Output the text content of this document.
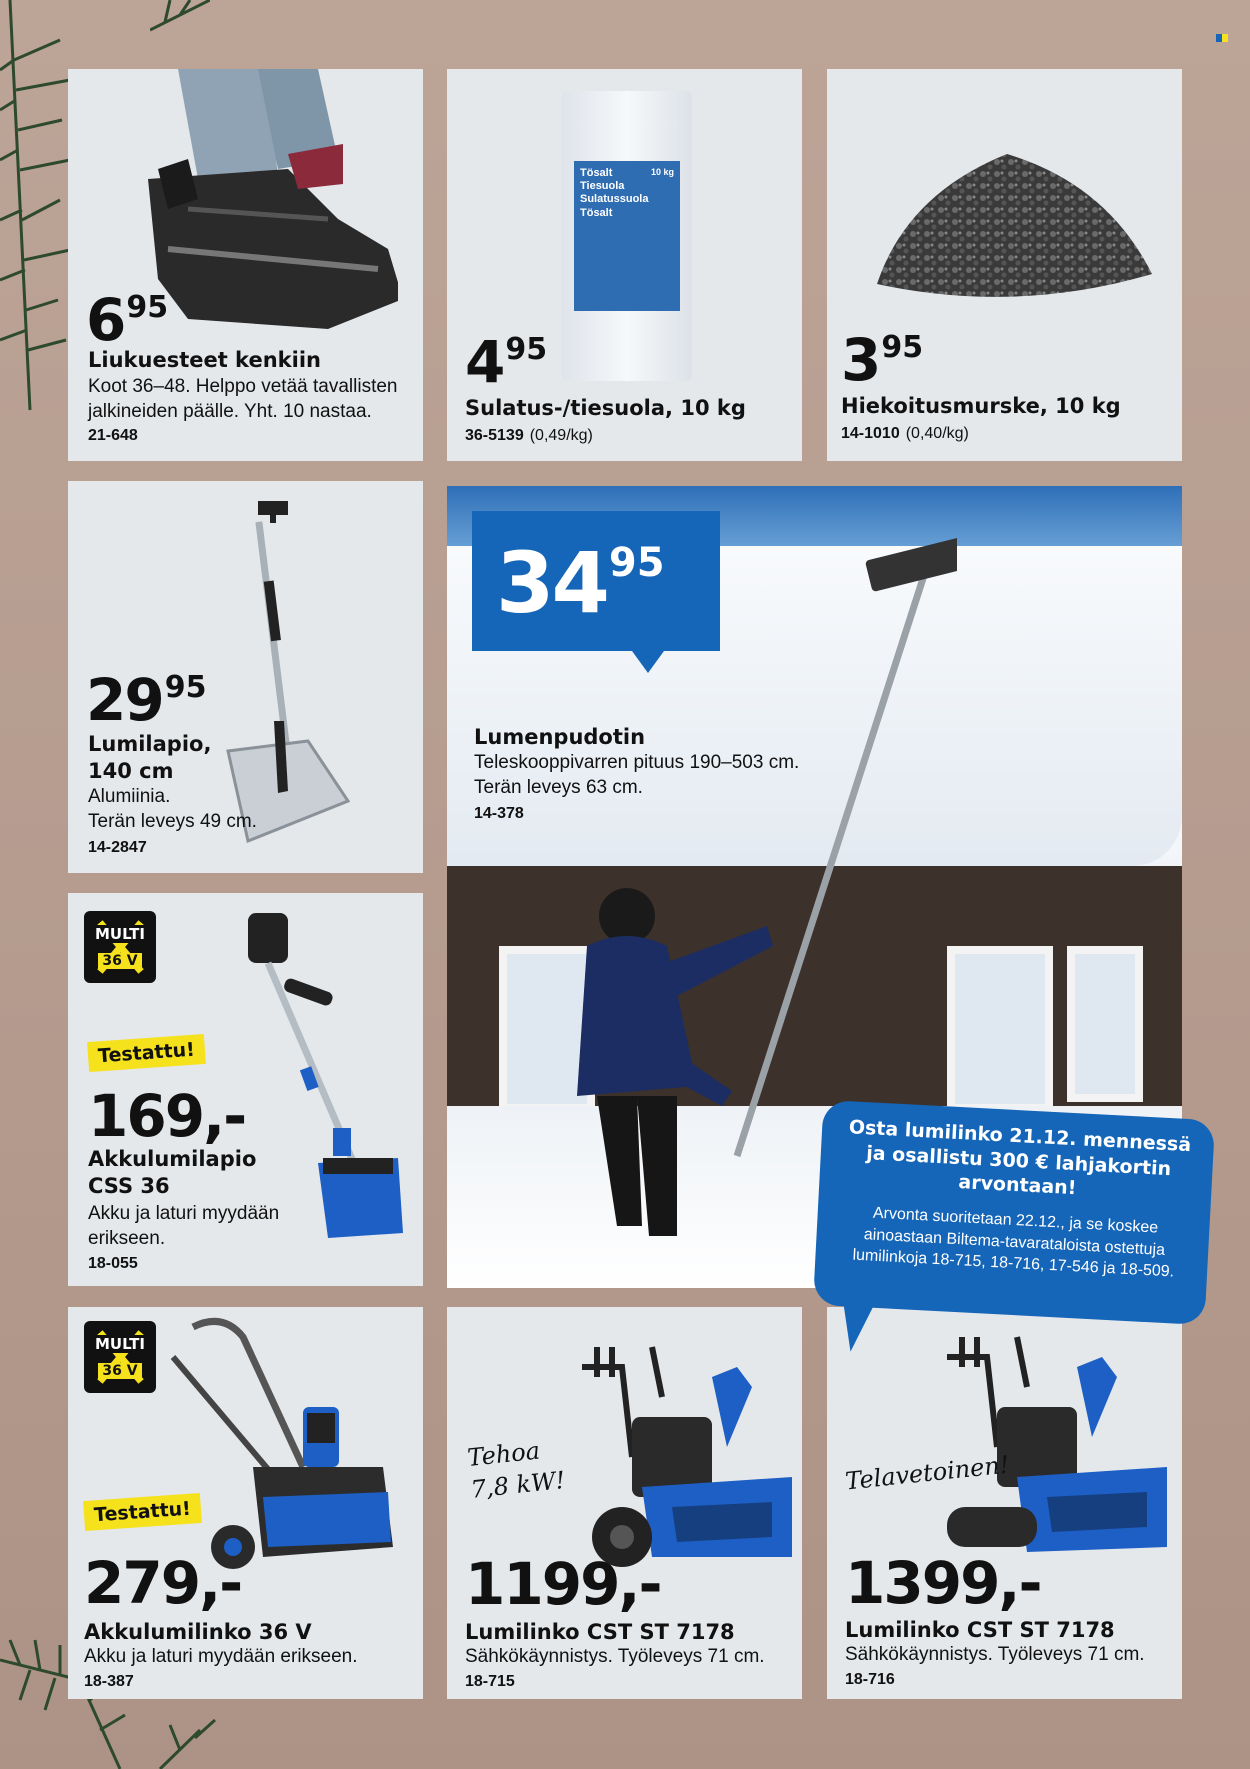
695
Liukuesteet kenkiin
Koot 36–48. Helppo vetää tavallisten
jalkineiden päälle. Yht. 10 nastaa.
21-648
Tösalt
Tiesuola
Sulatussuola
Tösalt
10 kg
495
Sulatus-/tiesuola, 10 kg
36-5139 (0,49/kg)
395
Hiekoitusmurske, 10 kg
14-1010 (0,40/kg)
2995
Lumilapio,
140 cm
Alumiinia.
Terän leveys 49 cm.
14-2847
3495
Lumenpudotin
Teleskooppivarren pituus 190–503 cm.
Terän leveys 63 cm.
14-378
MULTI
36 V
Testattu!
169,-
Akkulumilapio
CSS 36
Akku ja laturi myydään
erikseen.
18-055
MULTI
36 V
Testattu!
279,-
Akkulumilinko 36 V
Akku ja laturi myydään erikseen.
18-387
Tehoa
7,8 kW!
1199,-
Lumilinko CST ST 7178
Sähkökäynnistys. Työleveys 71 cm.
18-715
Telavetoinen!
1399,-
Lumilinko CST ST 7178
Sähkökäynnistys. Työleveys 71 cm.
18-716
Osta lumilinko 21.12. mennessä
ja osallistu 300 € lahjakortin
arvontaan!
Arvonta suoritetaan 22.12., ja se koskee
ainoastaan Biltema-tavarataloista ostettuja
lumilinkoja 18-715, 18-716, 17-546 ja 18-509.
